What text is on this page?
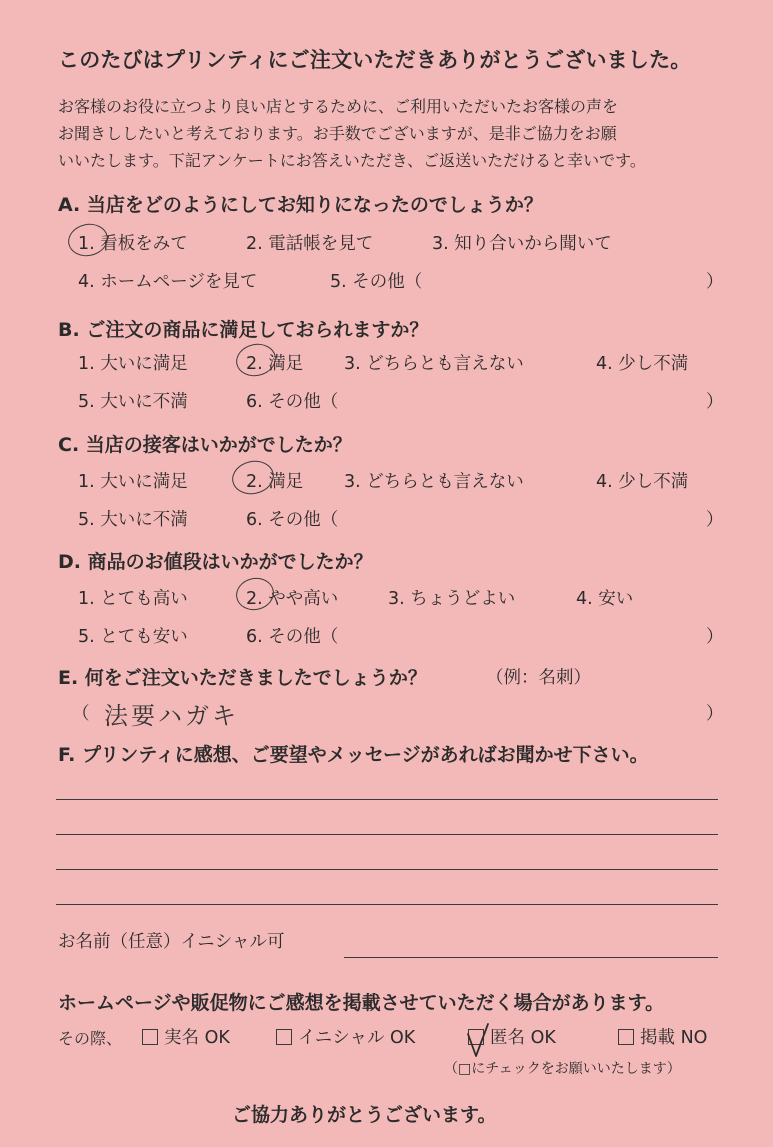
このたびはプリンティにご注文いただきありがとうございました。
お客様のお役に立つより良い店とするために、ご利用いただいたお客様の声を
お聞きししたいと考えております。お手数でございますが、是非ご協力をお願
いいたします。下記アンケートにお答えいただき、ご返送いただけると幸いです。
A. 当店をどのようにしてお知りになったのでしょうか？
1. 看板をみて	2. 電話帳を見て	3. 知り合いから聞いて
4. ホームページを見て	5. その他（	）
B. ご注文の商品に満足しておられますか？
1. 大いに満足	2. 満足 3. どちらとも言えない	4. 少し不満
5. 大いに不満	6. その他（	）
C. 当店の接客はいかがでしたか？
1. 大いに満足	2. 満足 3. どちらとも言えない	4. 少し不満
5. 大いに不満	6. その他（	）
D. 商品のお値段はいかがでしたか？
1. とても高い	2. やや高い	3. ちょうどよい	4. 安い
5. とても安い	6. その他（	）
E. 何をご注文いただきましたでしょうか？	（例：名刺）
（ 法要ハガキ	）
F. プリンティに感想、ご要望やメッセージがあればお聞かせ下さい。
お名前（任意）イニシャル可
ホームページや販促物にご感想を掲載させていただく場合があります。
その際、 実名 OK	イニシャル OK	匿名 OK	掲載 NO
（□にチェックをお願いいたします）
ご協力ありがとうございます。
